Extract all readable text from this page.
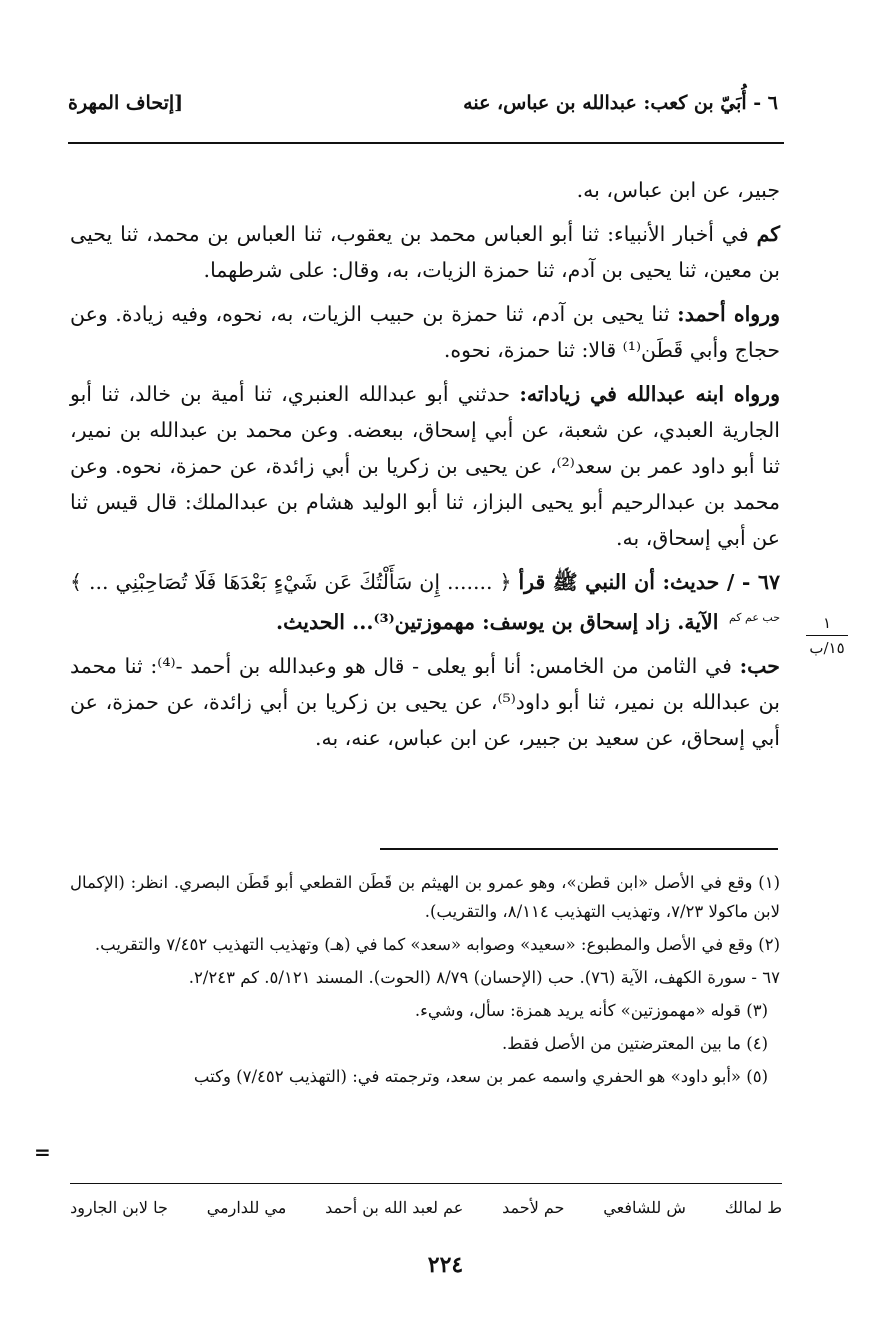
٦ - أُبَيّ بن كعب: عبدالله بن عباس، عنه
[إتحاف المهرة

جبير، عن ابن عباس، به.

كم في أخبار الأنبياء: ثنا أبو العباس محمد بن يعقوب، ثنا العباس بن محمد، ثنا يحيى بن معين، ثنا يحيى بن آدم، ثنا حمزة الزيات، به، وقال: على شرطهما.

ورواه أحمد: ثنا يحيى بن آدم، ثنا حمزة بن حبيب الزيات، به، نحوه، وفيه زيادة. وعن حجاج وأبي قَطَن⁽¹⁾ قالا: ثنا حمزة، نحوه.

ورواه ابنه عبدالله في زياداته: حدثني أبو عبدالله العنبري، ثنا أمية بن خالد، ثنا أبو الجارية العبدي، عن شعبة، عن أبي إسحاق، ببعضه. وعن محمد بن عبدالله بن نمير، ثنا أبو داود عمر بن سعد⁽²⁾، عن يحيى بن زكريا بن أبي زائدة، عن حمزة، نحوه. وعن محمد بن عبدالرحيم أبو يحيى البزاز، ثنا أبو الوليد هشام بن عبدالملك: قال قيس ثنا عن أبي إسحاق، به.

٦٧ - / حديث: أن النبي ﷺ قرأ ﴿ ....... إِن سَأَلْتُكَ عَن شَيْءٍ بَعْدَهَا فَلَا تُصَاحِبْنِي ... ﴾ $^{حب عم كم}$ الآية. زاد إسحاق بن يوسف: مهموزتين⁽³⁾... الحديث.

حب: في الثامن من الخامس: أنا أبو يعلى - قال هو وعبدالله بن أحمد -⁽⁴⁾: ثنا محمد بن عبدالله بن نمير، ثنا أبو داود⁽⁵⁾، عن يحيى بن زكريا بن أبي زائدة، عن حمزة، عن أبي إسحاق، عن سعيد بن جبير، عن ابن عباس، عنه، به.

١
١٥/ب

(١) وقع في الأصل «ابن قطن»، وهو عمرو بن الهيثم بن قَطَن القطعي أبو قَطَن البصري. انظر: (الإكمال لابن ماكولا ٧/٢٣، وتهذيب التهذيب ٨/١١٤، والتقريب).

(٢) وقع في الأصل والمطبوع: «سعيد» وصوابه «سعد» كما في (هـ) وتهذيب التهذيب ٧/٤٥٢ والتقريب.

٦٧ - سورة الكهف، الآية (٧٦). حب (الإحسان) ٨/٧٩ (الحوت). المسند ٥/١٢١. كم ٢/٢٤٣.

(٣) قوله «مهموزتين» كأنه يريد همزة: سأل، وشيء.

(٤) ما بين المعترضتين من الأصل فقط.

(٥) «أبو داود» هو الحفري واسمه عمر بن سعد، وترجمته في: (التهذيب ٧/٤٥٢) وكتب

=
ط لمالك
ش للشافعي
حم لأحمد
عم لعبد الله بن أحمد
مي للدارمي
جا لابن الجارود
٢٢٤
